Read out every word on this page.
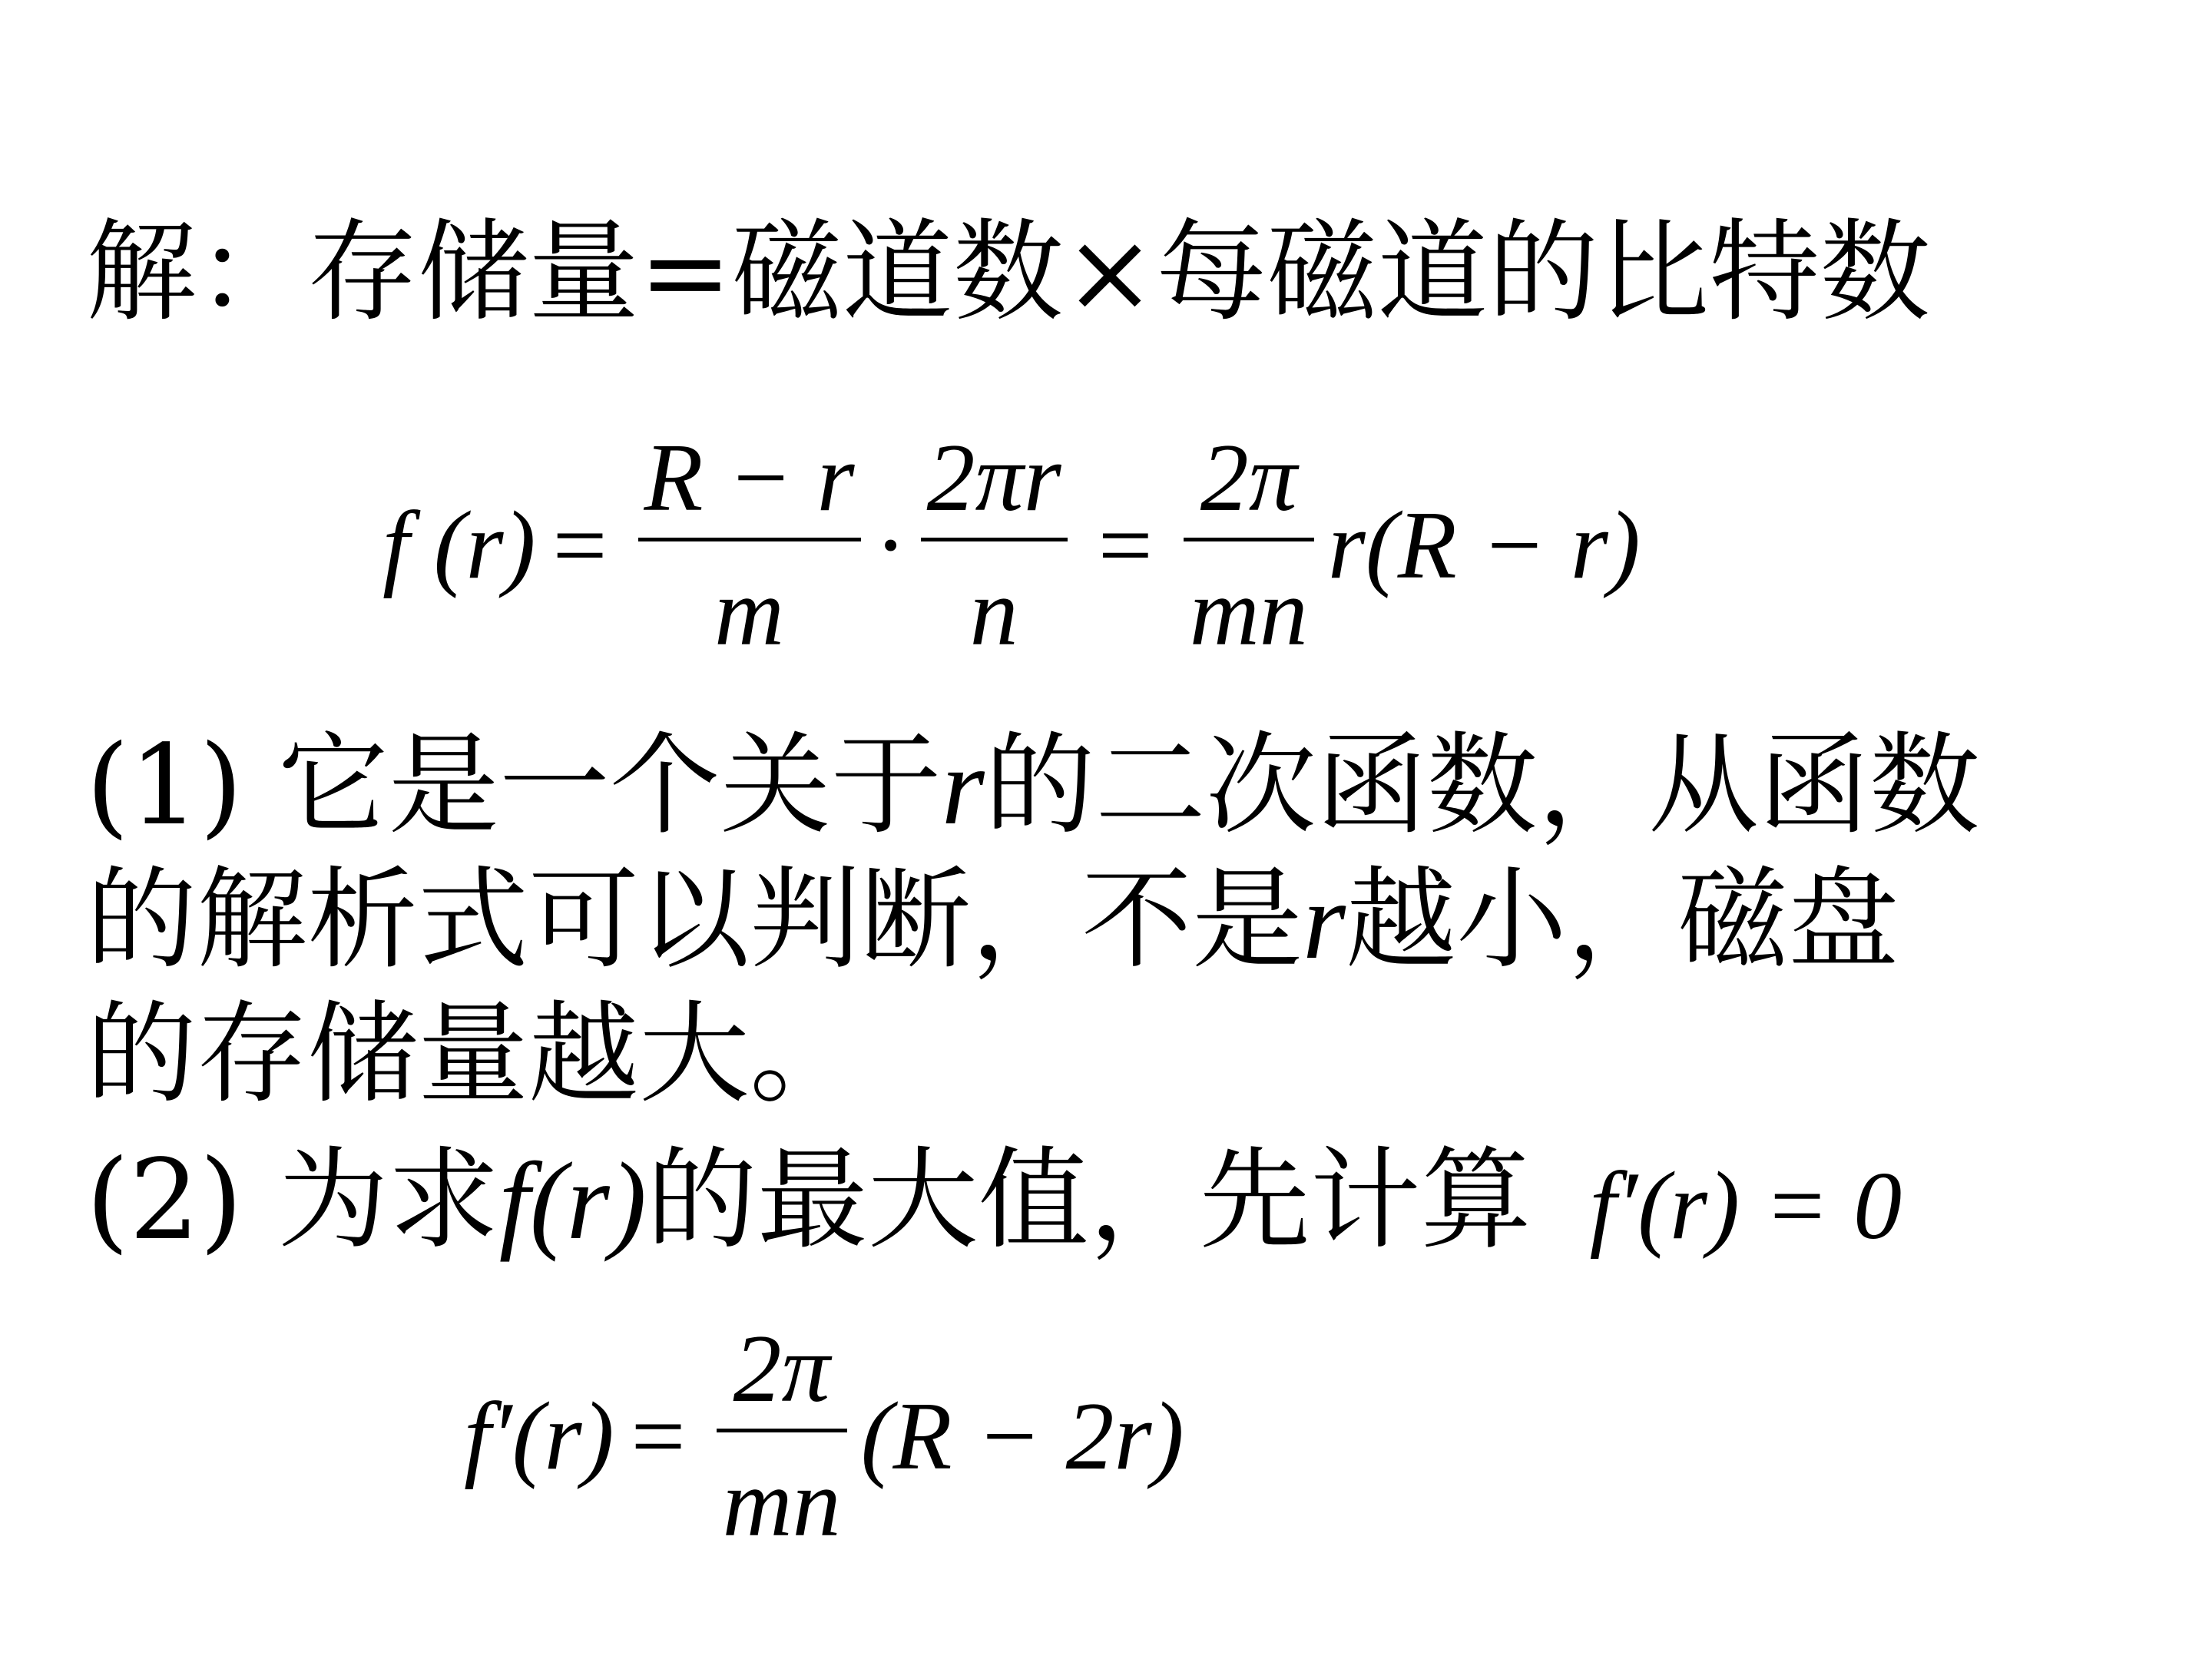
解：存储量=磁道数×每磁道的比特数
f (r) =
R − r
m
·
2πr
n
=
2π
mn
r(R − r)
(1) 它是一个关于r的二次函数，从函数
的解析式可以判断，不是r越小，磁盘
的存储量越大。
(2) 为求f(r)的最大值，先计算 f′(r) = 0
f′(r) =
2π
mn
(R − 2r)
